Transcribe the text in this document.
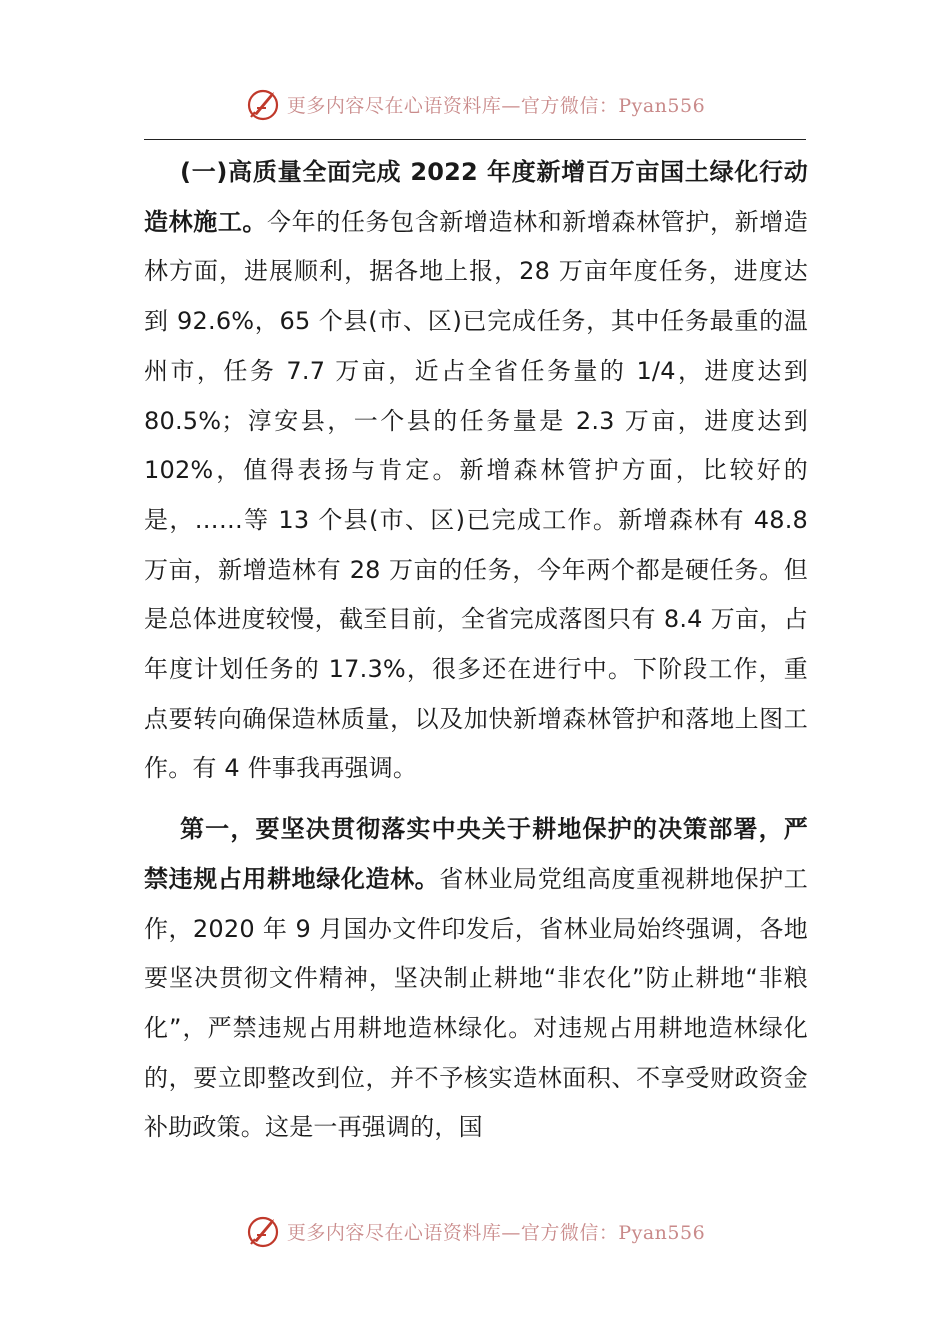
更多内容尽在心语资料库—官方微信：Pyan556

(一)高质量全面完成 2022 年度新增百万亩国土绿化行动造林施工。今年的任务包含新增造林和新增森林管护，新增造林方面，进展顺利，据各地上报，28 万亩年度任务，进度达到 92.6%，65 个县(市、区)已完成任务，其中任务最重的温州市，任务 7.7 万亩，近占全省任务量的 1/4，进度达到 80.5%；淳安县，一个县的任务量是 2.3 万亩，进度达到 102%，值得表扬与肯定。新增森林管护方面，比较好的是，……等 13 个县(市、区)已完成工作。新增森林有 48.8 万亩，新增造林有 28 万亩的任务，今年两个都是硬任务。但是总体进度较慢，截至目前，全省完成落图只有 8.4 万亩，占年度计划任务的 17.3%，很多还在进行中。下阶段工作，重点要转向确保造林质量，以及加快新增森林管护和落地上图工作。有 4 件事我再强调。

第一，要坚决贯彻落实中央关于耕地保护的决策部署，严禁违规占用耕地绿化造林。省林业局党组高度重视耕地保护工作，2020 年 9 月国办文件印发后，省林业局始终强调，各地要坚决贯彻文件精神，坚决制止耕地“非农化”防止耕地“非粮化”，严禁违规占用耕地造林绿化。对违规占用耕地造林绿化的，要立即整改到位，并不予核实造林面积、不享受财政资金补助政策。这是一再强调的，国

更多内容尽在心语资料库—官方微信：Pyan556
